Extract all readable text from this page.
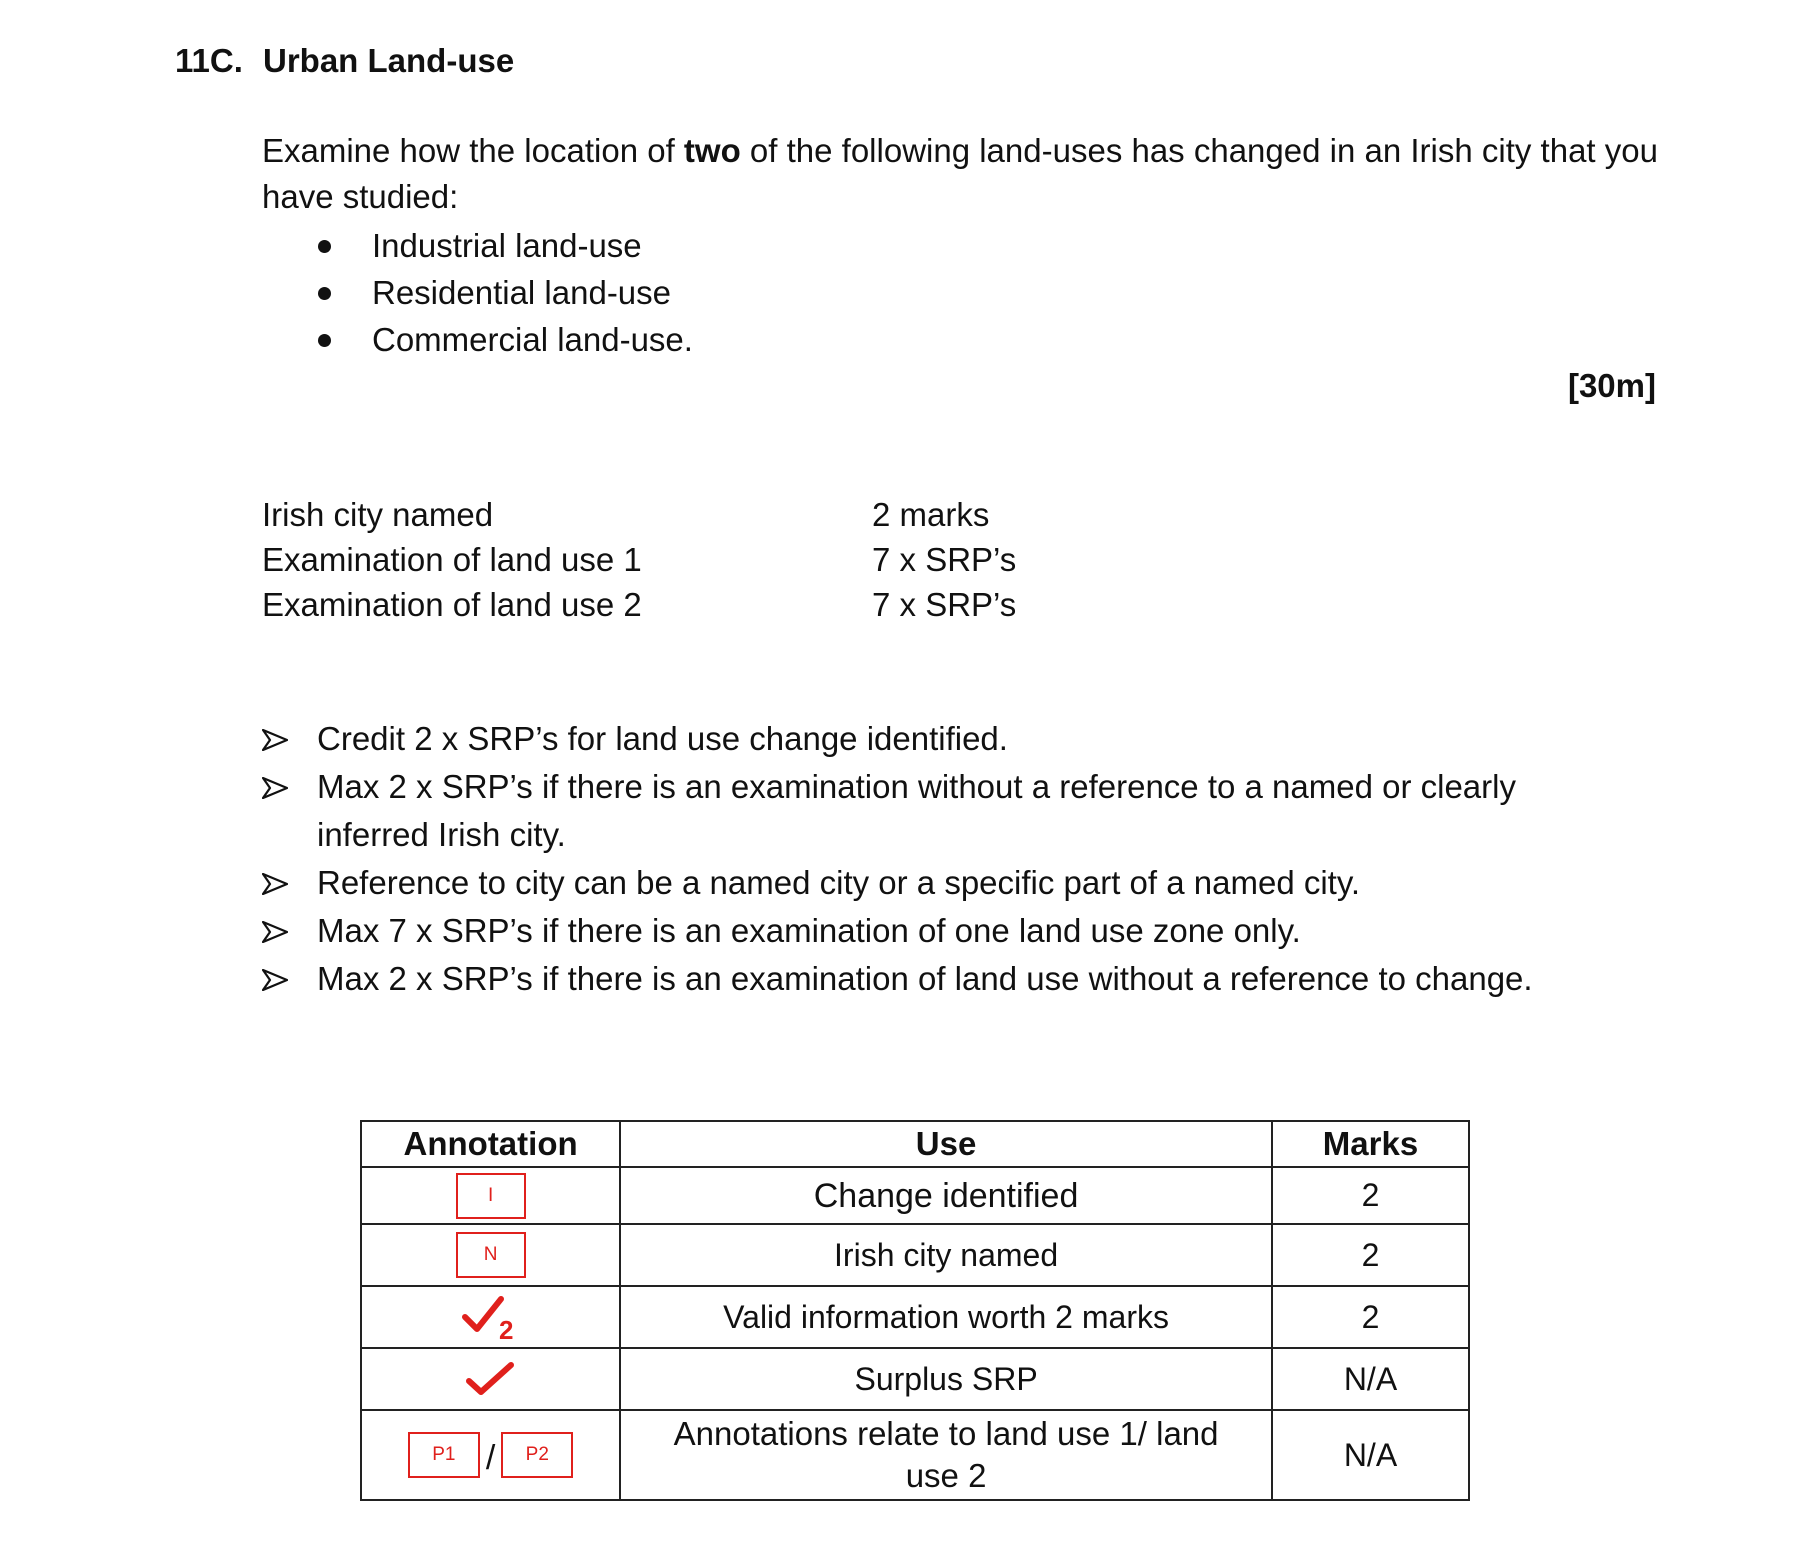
11C. Urban Land-use
Examine how the location of two of the following land-uses has changed in an Irish city that you have studied:
Industrial land-use
Residential land-use
Commercial land-use.
[30m]
Irish city named	2 marks
Examination of land use 1	7 x SRP’s
Examination of land use 2	7 x SRP’s
Credit 2 x SRP’s for land use change identified.
Max 2 x SRP’s if there is an examination without a reference to a named or clearly inferred Irish city.
Reference to city can be a named city or a specific part of a named city.
Max 7 x SRP’s if there is an examination of one land use zone only.
Max 2 x SRP’s if there is an examination of land use without a reference to change.
Annotation	Use	Marks
I	Change identified	2
N	Irish city named	2

2	Valid information worth 2 marks	2

	Surplus SRP	N/A
P1 / P2	Annotations relate to land use 1/ land use 2	N/A
